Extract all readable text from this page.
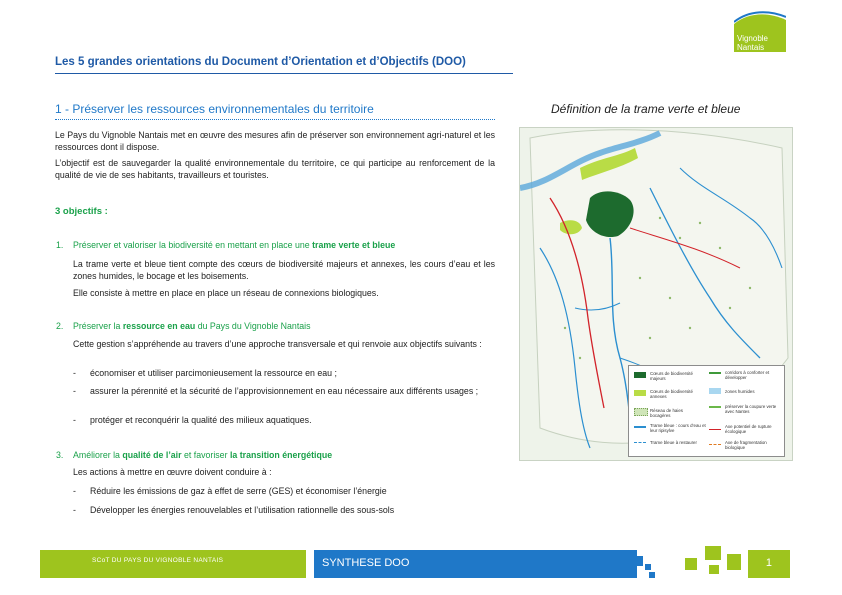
Vignoble
Nantais
Les 5 grandes orientations du Document d’Orientation et d’Objectifs (DOO)
1 - Préserver les ressources environnementales du territoire
Le Pays du Vignoble Nantais met en œuvre des mesures afin de préserver son environnement agri-naturel et les ressources dont il dispose.
L’objectif est de sauvegarder la qualité environnementale du territoire, ce qui participe au renforcement de la qualité de vie de ses habitants, travailleurs et touristes.
3 objectifs :
1. Préserver et valoriser la biodiversité en mettant en place une trame verte et bleue
La trame verte et bleue tient compte des cœurs de biodiversité majeurs et annexes, les cours d’eau et les zones humides, le bocage et les boisements.
Elle consiste à mettre en place en place un réseau de connexions biologiques.
2. Préserver la ressource en eau du Pays du Vignoble Nantais
Cette gestion s’appréhende au travers d’une approche transversale et qui renvoie aux objectifs suivants :
- économiser et utiliser parcimonieusement la ressource en eau ;
- assurer la pérennité et la sécurité de l’approvisionnement en eau nécessaire aux différents usages ;
- protéger et reconquérir la qualité des milieux aquatiques.
3. Améliorer la qualité de l’air et favoriser la transition énergétique
Les actions à mettre en œuvre doivent conduire à :
- Réduire les émissions de gaz à effet de serre (GES) et économiser l’énergie
- Développer les énergies renouvelables et l’utilisation rationnelle des sous-sols
Définition de la trame verte et bleue
Cœurs de biodiversité majeurs
Cœurs de biodiversité annexes
Réseau de haies bocagères
Trame bleue : cours d’eau et leur ripisylve
Trame bleue à restaurer
corridors à conforter et développer
zones humides
préserver la coupure verte avec Nantes
Axe potentiel de rupture écologique
Axe de fragmentation biologique
SCoT DU PAYS DU VIGNOBLE NANTAIS	SYNTHESE DOO	1
